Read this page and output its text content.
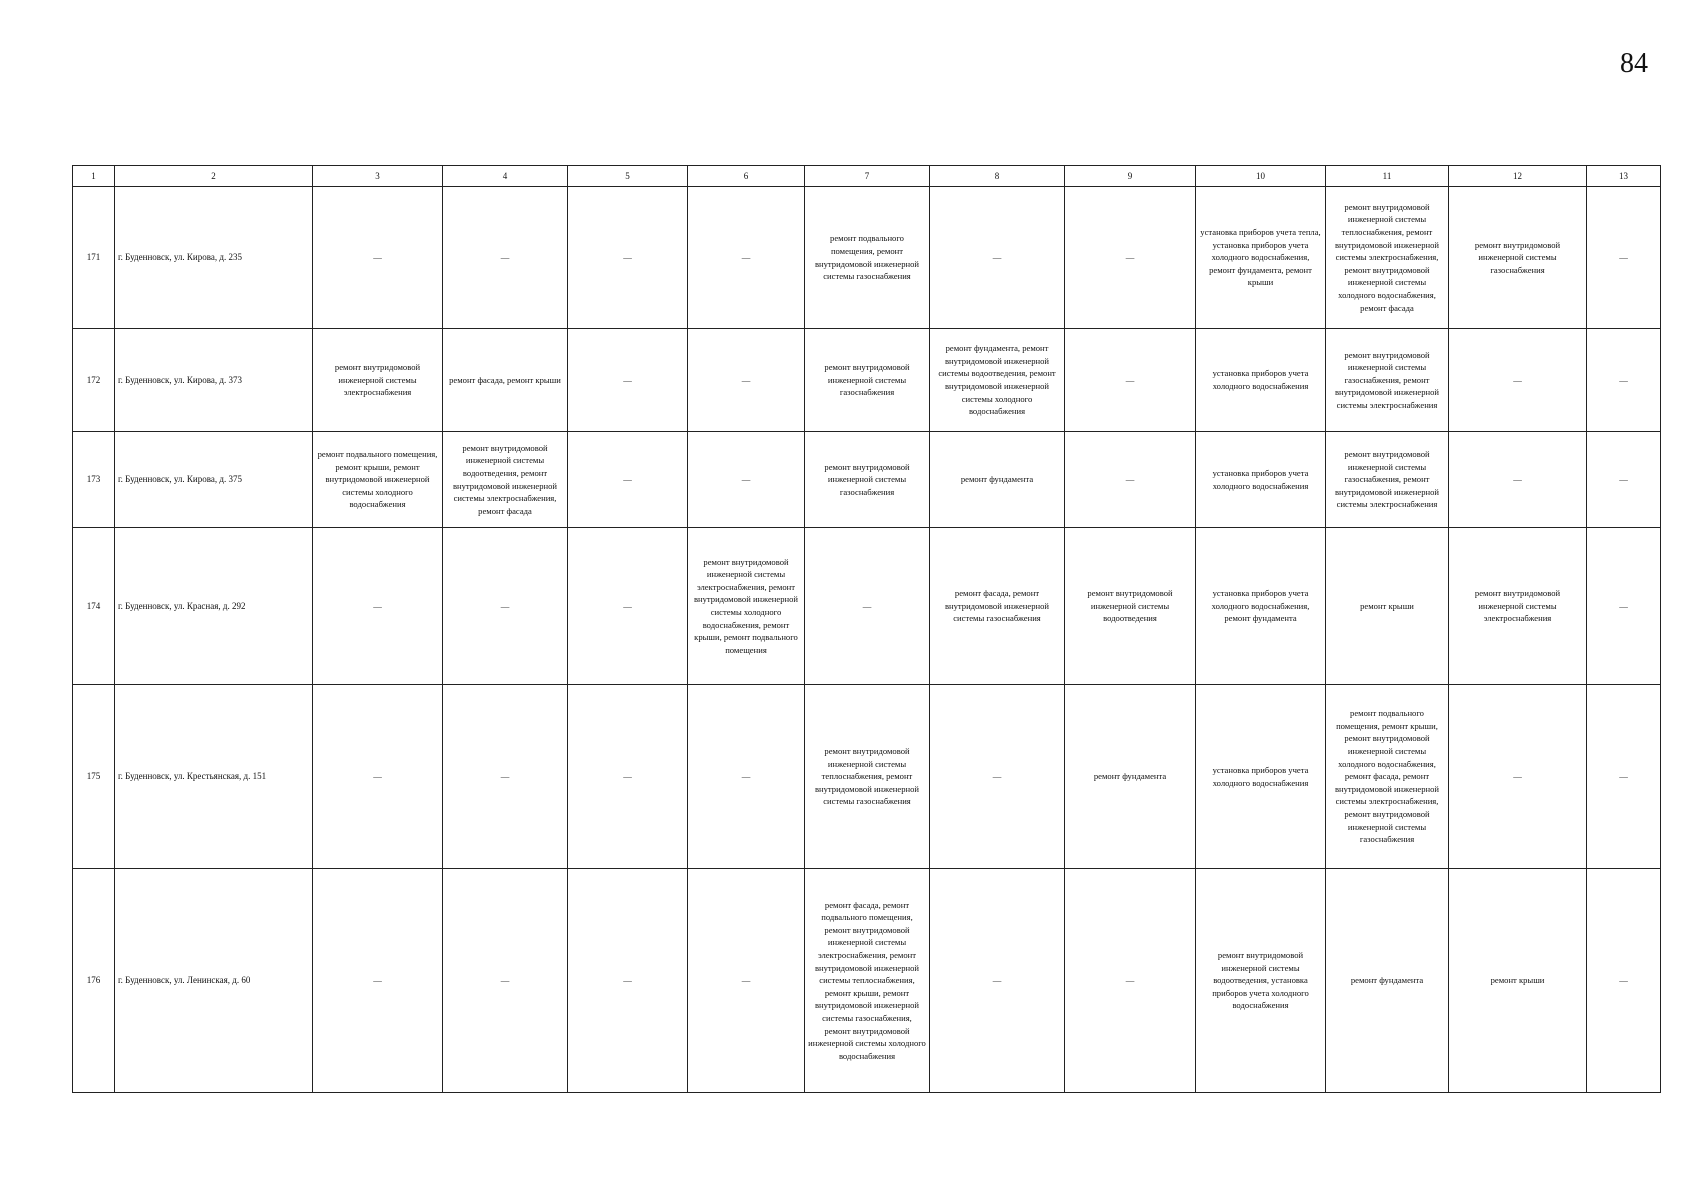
84
1	2	3	4	5	6	7	8	9	10	11	12	13
171	г. Буденновск, ул. Кирова, д. 235	—	—	—	—	ремонт подвального помещения, ремонт внутридомовой инженерной системы газоснабжения	—	—	установка приборов учета тепла, установка приборов учета холодного водоснабжения, ремонт фундамента, ремонт крыши	ремонт внутридомовой инженерной системы теплоснабжения, ремонт внутридомовой инженерной системы электроснабжения, ремонт внутридомовой инженерной системы холодного водоснабжения, ремонт фасада	ремонт внутридомовой инженерной системы газоснабжения	—
172	г. Буденновск, ул. Кирова, д. 373	ремонт внутридомовой инженерной системы электроснабжения	ремонт фасада, ремонт крыши	—	—	ремонт внутридомовой инженерной системы газоснабжения	ремонт фундамента, ремонт внутридомовой инженерной системы водоотведения, ремонт внутридомовой инженерной системы холодного водоснабжения	—	установка приборов учета холодного водоснабжения	ремонт внутридомовой инженерной системы газоснабжения, ремонт внутридомовой инженерной системы электроснабжения	—	—
173	г. Буденновск, ул. Кирова, д. 375	ремонт подвального помещения, ремонт крыши, ремонт внутридомовой инженерной системы холодного водоснабжения	ремонт внутридомовой инженерной системы водоотведения, ремонт внутридомовой инженерной системы электроснабжения, ремонт фасада	—	—	ремонт внутридомовой инженерной системы газоснабжения	ремонт фундамента	—	установка приборов учета холодного водоснабжения	ремонт внутридомовой инженерной системы газоснабжения, ремонт внутридомовой инженерной системы электроснабжения	—	—
174	г. Буденновск, ул. Красная, д. 292	—	—	—	ремонт внутридомовой инженерной системы электроснабжения, ремонт внутридомовой инженерной системы холодного водоснабжения, ремонт крыши, ремонт подвального помещения	—	ремонт фасада, ремонт внутридомовой инженерной системы газоснабжения	ремонт внутридомовой инженерной системы водоотведения	установка приборов учета холодного водоснабжения, ремонт фундамента	ремонт крыши	ремонт внутридомовой инженерной системы электроснабжения	—
175	г. Буденновск, ул. Крестьянская, д. 151	—	—	—	—	ремонт внутридомовой инженерной системы теплоснабжения, ремонт внутридомовой инженерной системы газоснабжения	—	ремонт фундамента	установка приборов учета холодного водоснабжения	ремонт подвального помещения, ремонт крыши, ремонт внутридомовой инженерной системы холодного водоснабжения, ремонт фасада, ремонт внутридомовой инженерной системы электроснабжения, ремонт внутридомовой инженерной системы газоснабжения	—	—
176	г. Буденновск, ул. Ленинская, д. 60	—	—	—	—	ремонт фасада, ремонт подвального помещения, ремонт внутридомовой инженерной системы электроснабжения, ремонт внутридомовой инженерной системы теплоснабжения, ремонт крыши, ремонт внутридомовой инженерной системы газоснабжения, ремонт внутридомовой инженерной системы холодного водоснабжения	—	—	ремонт внутридомовой инженерной системы водоотведения, установка приборов учета холодного водоснабжения	ремонт фундамента	ремонт крыши	—
